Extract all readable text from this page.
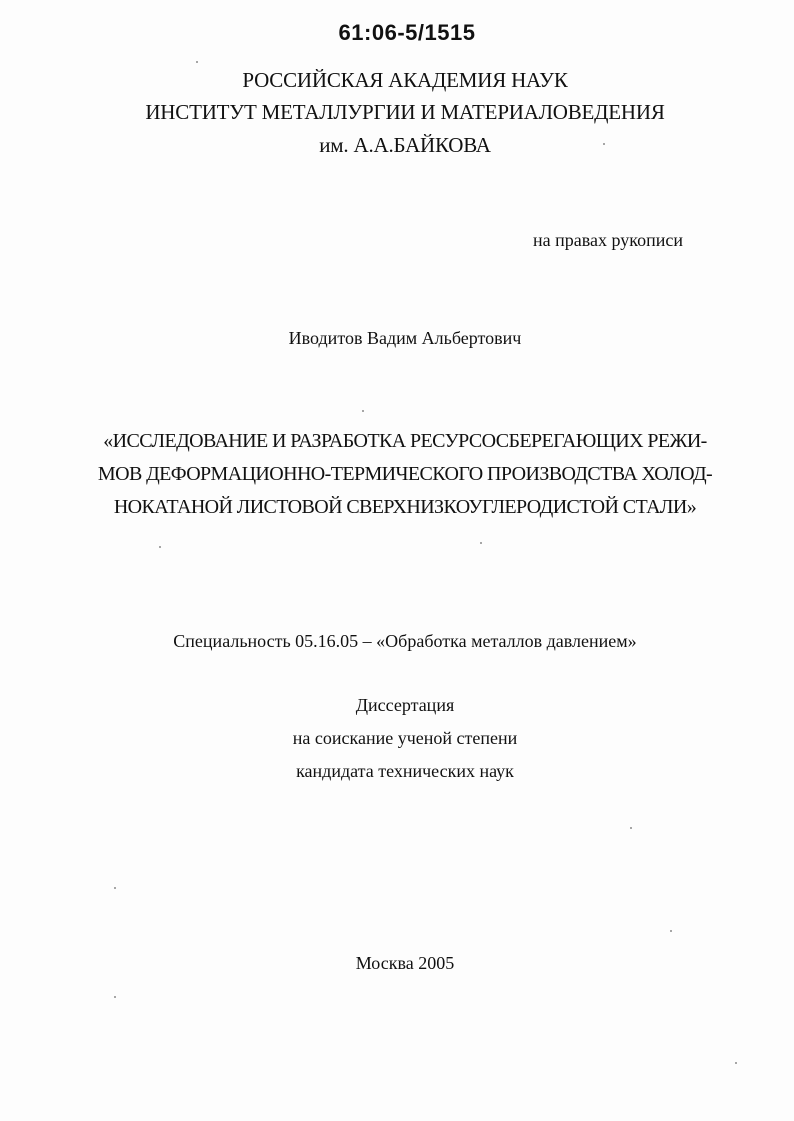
61:06-5/1515
РОССИЙСКАЯ АКАДЕМИЯ НАУК
ИНСТИТУТ МЕТАЛЛУРГИИ И МАТЕРИАЛОВЕДЕНИЯ
им. А.А.БАЙКОВА
на правах рукописи
Иводитов Вадим Альбертович
«ИССЛЕДОВАНИЕ И РАЗРАБОТКА РЕСУРСОСБЕРЕГАЮЩИХ РЕЖИ-
МОВ ДЕФОРМАЦИОННО-ТЕРМИЧЕСКОГО ПРОИЗВОДСТВА ХОЛОД-
НОКАТАНОЙ ЛИСТОВОЙ СВЕРХНИЗКОУГЛЕРОДИСТОЙ СТАЛИ»
Специальность 05.16.05 – «Обработка металлов давлением»
Диссертация
на соискание ученой степени
кандидата технических наук
Москва 2005
